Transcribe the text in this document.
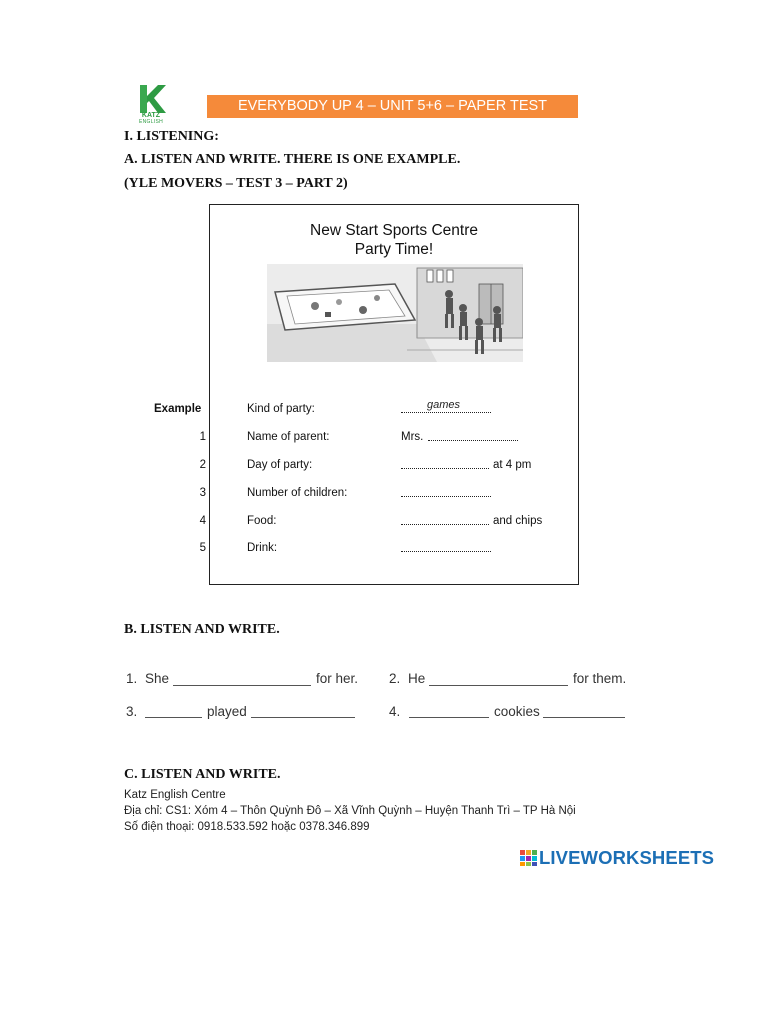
KATZ
ENGLISH
EVERYBODY UP 4 – UNIT 5+6 – PAPER TEST
I. LISTENING:
A. LISTEN AND WRITE. THERE IS ONE EXAMPLE.
(YLE MOVERS – TEST 3 – PART 2)
New Start Sports Centre
Party Time!
Example	Kind of party:	games
1	Name of parent:	Mrs.
2	Day of party:	at 4 pm
3	Number of children:
4	Food:	and chips
5	Drink:
B. LISTEN AND WRITE.
1. She	for her. 2. He	for them.
3.	played	4.	cookies
C. LISTEN AND WRITE.
Katz English Centre
Địa chỉ: CS1: Xóm 4 – Thôn Quỳnh Đô – Xã Vĩnh Quỳnh – Huyện Thanh Trì – TP Hà Nội
Số điện thoại: 0918.533.592 hoặc 0378.346.899
LIVEWORKSHEETS
